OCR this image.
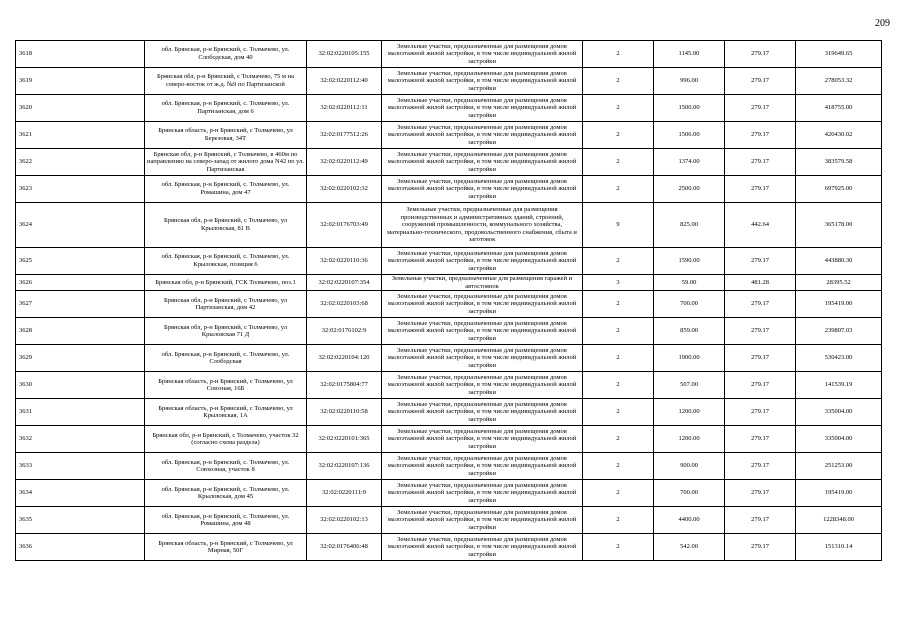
209
3618	обл. Брянская, р-н Брянский, с. Толмачево, ул. Слободская, дом 40	32:02:0220105:155	Земельные участки, предназначенные для размещения домов малоэтажной жилой застройки, в том числе индивидуальной жилой застройки	2	1145.00	279.17	319649.65
3619	Брянская обл, р-н Брянский, с Толмачево, 75 м на северо-восток от ж.д. №9 по Партизанской	32:02:0220112:40	Земельные участки, предназначенные для размещения домов малоэтажной жилой застройки, в том числе индивидуальной жилой застройки	2	996.00	279.17	278053.32
3620	обл. Брянская, р-н Брянский, с. Толмачево, ул. Партизанская, дом 6	32:02:0220112:11	Земельные участки, предназначенные для размещения домов малоэтажной жилой застройки, в том числе индивидуальной жилой застройки	2	1500.00	279.17	418755.00
3621	Брянская область, р-н Брянский, с Толмачево, ул Березовая, 34Т	32:02:0177512:26	Земельные участки, предназначенные для размещения домов малоэтажной жилой застройки, в том числе индивидуальной жилой застройки	2	1506.00	279.17	420430.02
3622	Брянская обл, р-н Брянский, с Толмачево, в 460м по направлению на северо-запад от жилого дома N42 по ул. Партизанская	32:02:0220112:49	Земельные участки, предназначенные для размещения домов малоэтажной жилой застройки, в том числе индивидуальной жилой застройки	2	1374.00	279.17	383579.58
3623	обл. Брянская, р-н Брянский, с. Толмачево, ул. Ромашина, дом 47	32:02:0220102:32	Земельные участки, предназначенные для размещения домов малоэтажной жилой застройки, в том числе индивидуальной жилой застройки	2	2500.00	279.17	697925.00
3624	Брянская обл, р-н Брянский, с Толмачево, ул Крыловская, 81 В	32:02:0176703:49	Земельные участки, предназначенные для размещения производственных и административных зданий, строений, сооружений промышленности, коммунального хозяйства, материально-технического, продовольственного снабжения, сбыта и заготовок	9	825.00	442.64	365178.00
3625	обл. Брянская, р-н Брянский, с. Толмачево, ул. Крыловская, позиция 6	32:02:0220110:36	Земельные участки, предназначенные для размещения домов малоэтажной жилой застройки, в том числе индивидуальной жилой застройки	2	1590.00	279.17	443880.30
3626	Брянская обл, р-н Брянский, ГСК Толмачево, поз.1	32:02:0220107:354	Земельные участки, предназначенные для размещения гаражей и автостоянок	3	59.00	481.28	28395.52
3627	Брянская обл, р-н Брянский, с Толмачево, ул Партизанская, дом 42	32:02:0220103:68	Земельные участки, предназначенные для размещения домов малоэтажной жилой застройки, в том числе индивидуальной жилой застройки	2	700.00	279.17	195419.00
3628	Брянская обл, р-н Брянский, с Толмачево, ул Крыловская 71 Д	32:02:0176102:9	Земельные участки, предназначенные для размещения домов малоэтажной жилой застройки, в том числе индивидуальной жилой застройки	2	859.00	279.17	239807.03
3629	обл. Брянская, р-н Брянский, с. Толмачево, ул. Слободская	32:02:0220104:120	Земельные участки, предназначенные для размещения домов малоэтажной жилой застройки, в том числе индивидуальной жилой застройки	2	1900.00	279.17	530423.00
3630	Брянская область, р-н Брянский, с Толмачево, ул Союзная, 16Б	32:02:0175804:77	Земельные участки, предназначенные для размещения домов малоэтажной жилой застройки, в том числе индивидуальной жилой застройки	2	507.00	279.17	141539.19
3631	Брянская область, р-н Брянский, с Толмачево, ул Крыловская, 1А	32:02:0220110:58	Земельные участки, предназначенные для размещения домов малоэтажной жилой застройки, в том числе индивидуальной жилой застройки	2	1200.00	279.17	335004.00
3632	Брянская обл, р-н Брянский, с Толмачево, участок 32 (согласно схема раздела)	32:02:0220101:365	Земельные участки, предназначенные для размещения домов малоэтажной жилой застройки, в том числе индивидуальной жилой застройки	2	1200.00	279.17	335004.00
3633	обл. Брянская, р-н Брянский, с. Толмачево, ул. Совхозная, участок 8	32:02:0220107:136	Земельные участки, предназначенные для размещения домов малоэтажной жилой застройки, в том числе индивидуальной жилой застройки	2	900.00	279.17	251253.00
3634	обл. Брянская, р-н Брянский, с. Толмачево, ул. Крыловская, дом 45	32:02:0220111:9	Земельные участки, предназначенные для размещения домов малоэтажной жилой застройки, в том числе индивидуальной жилой застройки	2	700.00	279.17	195419.00
3635	обл. Брянская, р-н Брянский, с. Толмачево, ул. Ромашина, дом 48	32:02:0220102:13	Земельные участки, предназначенные для размещения домов малоэтажной жилой застройки, в том числе индивидуальной жилой застройки	2	4400.00	279.17	1228348.00
3636	Брянская область, р-н Брянский, с Толмачево, ул Мирная, 50Г	32:02:0176406:48	Земельные участки, предназначенные для размещения домов малоэтажной жилой застройки, в том числе индивидуальной жилой застройки	2	542.00	279.17	151310.14
